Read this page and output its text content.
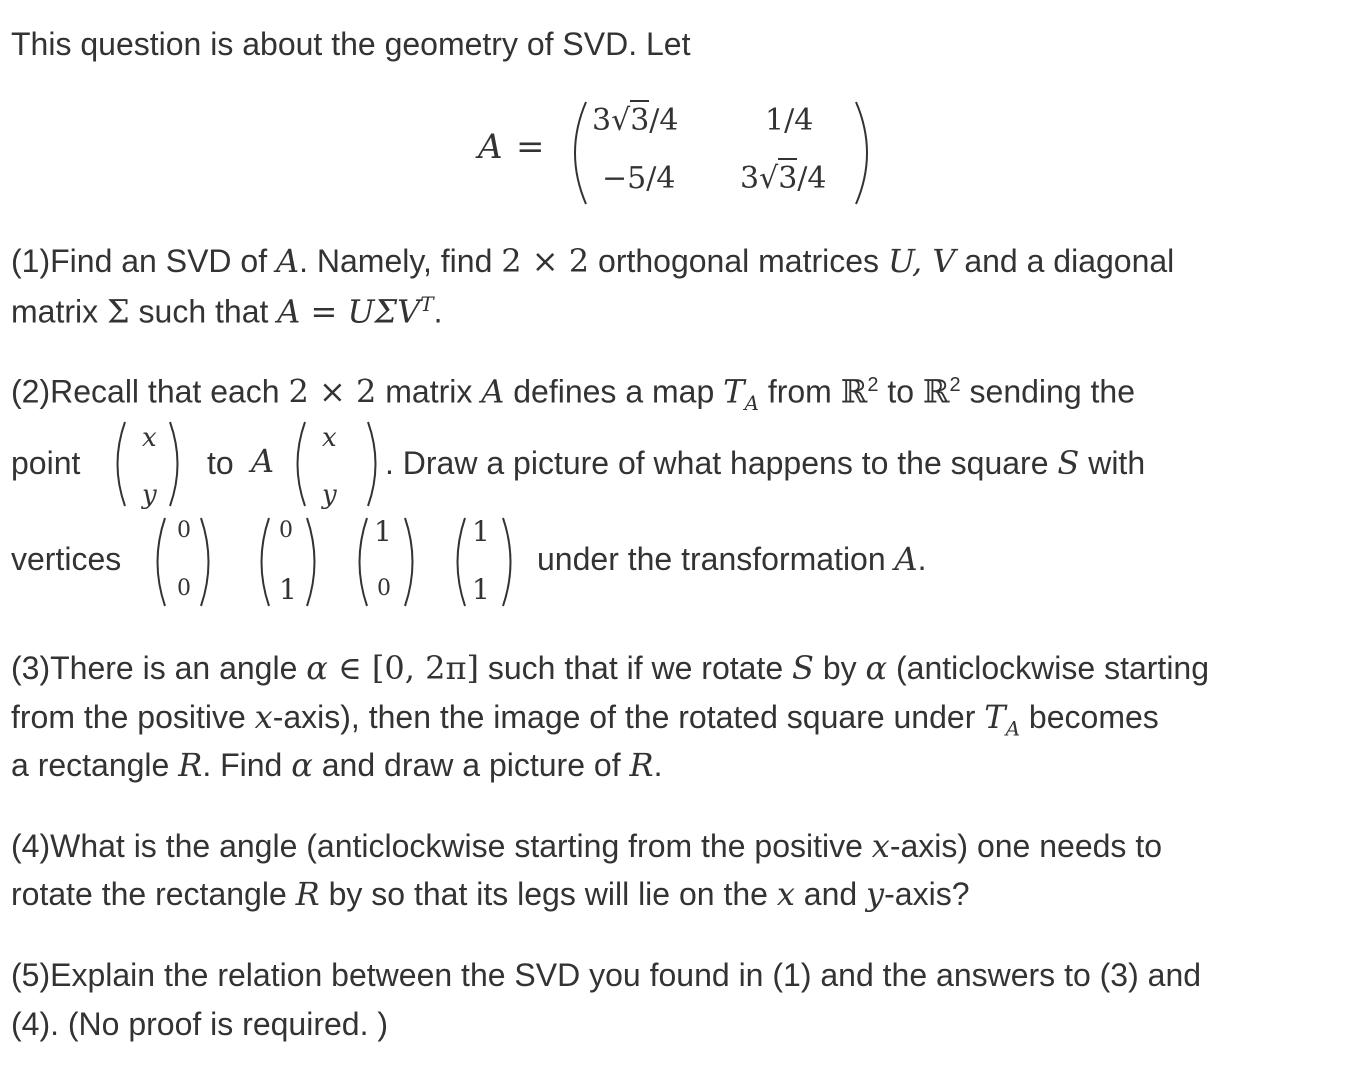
This question is about the geometry of SVD. Let
A =
3√3/4	1/4
−5/4 3√3/4
(1)Find an SVD of A. Namely, find 2 × 2 orthogonal matrices U, V and a diagonal
matrix Σ such that $A = U\Sigma V^T$.
(2)Recall that each 2 × 2 matrix A defines a map $T_A$ from ℝ$^2$ to ℝ$^2$ sending the
point
x
y
to A
x
y
. Draw a picture of what happens to the square S with
vertices
0
0
0
1
1
0
1
1
under the transformation A.
(3)There is an angle α ∈ [0, 2π] such that if we rotate S by α (anticlockwise starting
from the positive x-axis), then the image of the rotated square under $T_A$ becomes
a rectangle R. Find α and draw a picture of R.
(4)What is the angle (anticlockwise starting from the positive x-axis) one needs to
rotate the rectangle R by so that its legs will lie on the x and y-axis?
(5)Explain the relation between the SVD you found in (1) and the answers to (3) and
(4). (No proof is required. )
